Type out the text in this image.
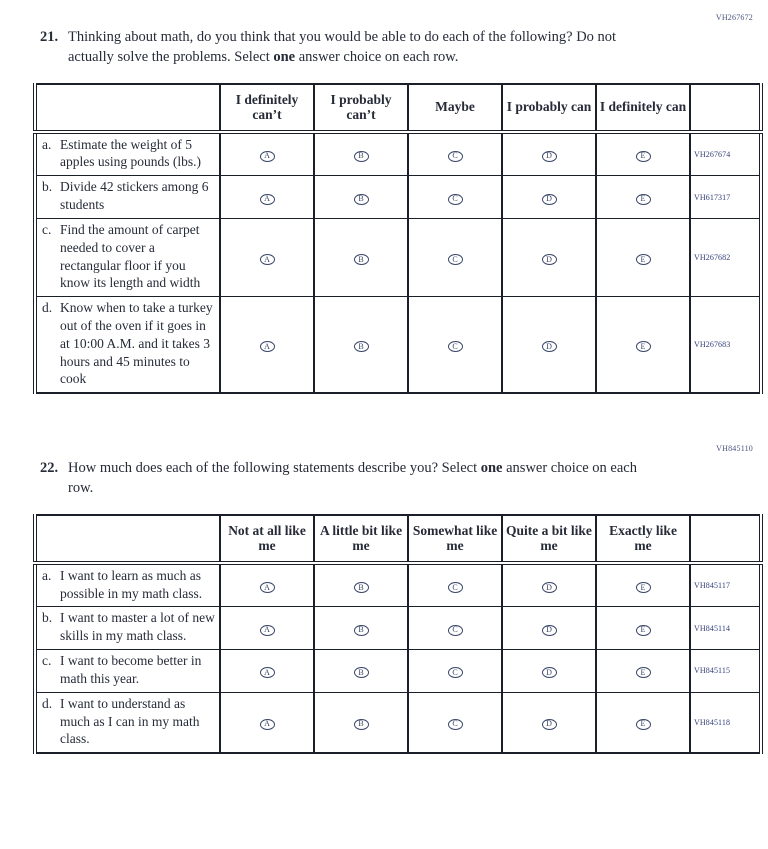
VH267672
21. Thinking about math, do you think that you would be able to do each of the following? Do not actually solve the problems. Select one answer choice on each row.

	I definitely can’t	I probably can’t	Maybe	I probably can	I definitely can	

a. Estimate the weight of 5 apples using pounds (lbs.)	A	B	C	D	E	VH267674

b. Divide 42 stickers among 6 students	A	B	C	D	E	VH617317

c. Find the amount of carpet needed to cover a rectangular floor if you know its length and width	A	B	C	D	E	VH267682

d. Know when to take a turkey out of the oven if it goes in at 10:00 A.M. and it takes 3 hours and 45 minutes to cook	A	B	C	D	E	VH267683
VH845110
22. How much does each of the following statements describe you? Select one answer choice on each row.

	Not at all like me	A little bit like me	Somewhat like me	Quite a bit like me	Exactly like me	

a. I want to learn as much as possible in my math class.	A	B	C	D	E	VH845117

b. I want to master a lot of new skills in my math class.	A	B	C	D	E	VH845114

c. I want to become better in math this year.	A	B	C	D	E	VH845115

d. I want to understand as much as I can in my math class.	A	B	C	D	E	VH845118
